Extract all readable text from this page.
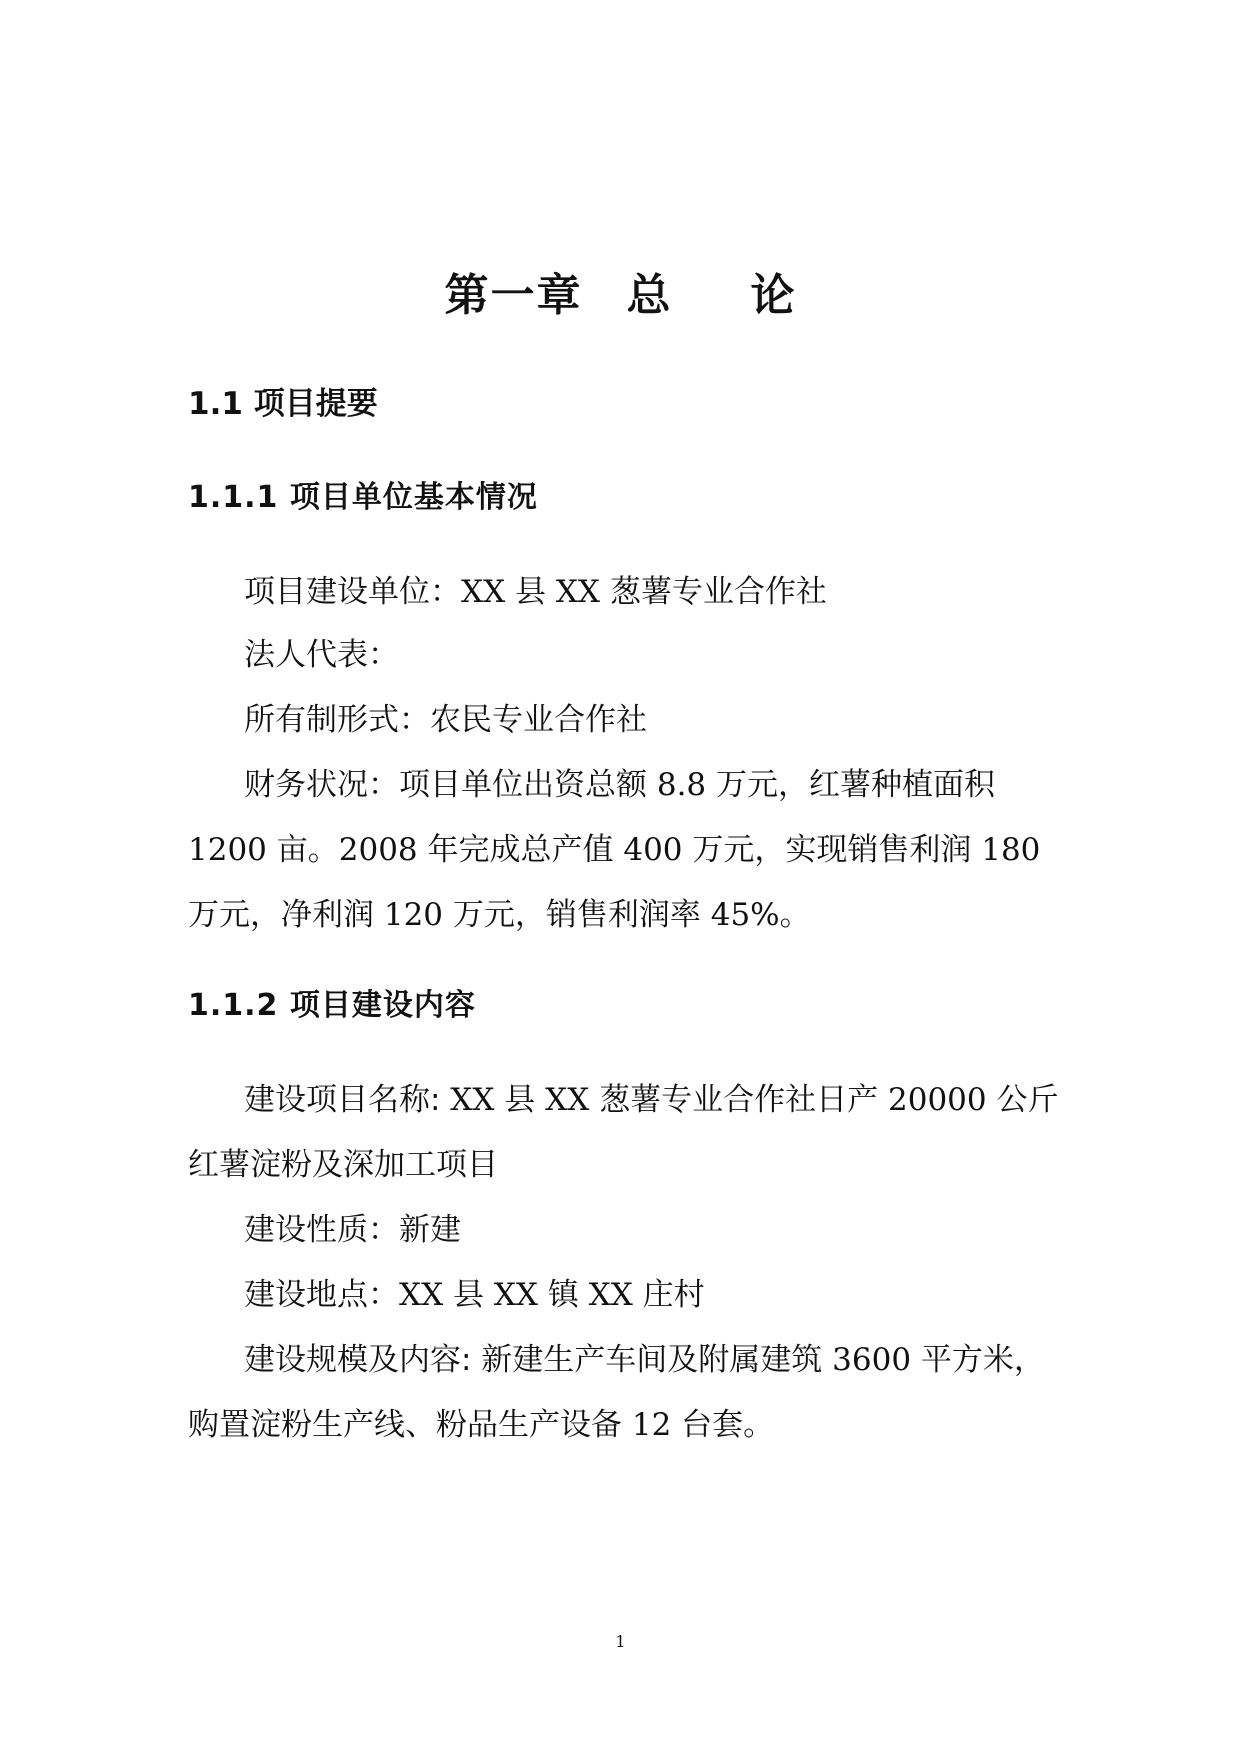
第一章 总 论
1.1 项目提要
1.1.1 项目单位基本情况
项目建设单位：XX 县 XX 葱薯专业合作社
法人代表：
所有制形式：农民专业合作社
财务状况：项目单位出资总额 8.8 万元，红薯种植面积
1200 亩。2008 年完成总产值 400 万元，实现销售利润 180
万元，净利润 120 万元，销售利润率 45%。
1.1.2 项目建设内容
建设项目名称: XX 县 XX 葱薯专业合作社日产 20000 公斤
红薯淀粉及深加工项目
建设性质：新建
建设地点：XX 县 XX 镇 XX 庄村
建设规模及内容: 新建生产车间及附属建筑 3600 平方米，
购置淀粉生产线、粉品生产设备 12 台套。
1
